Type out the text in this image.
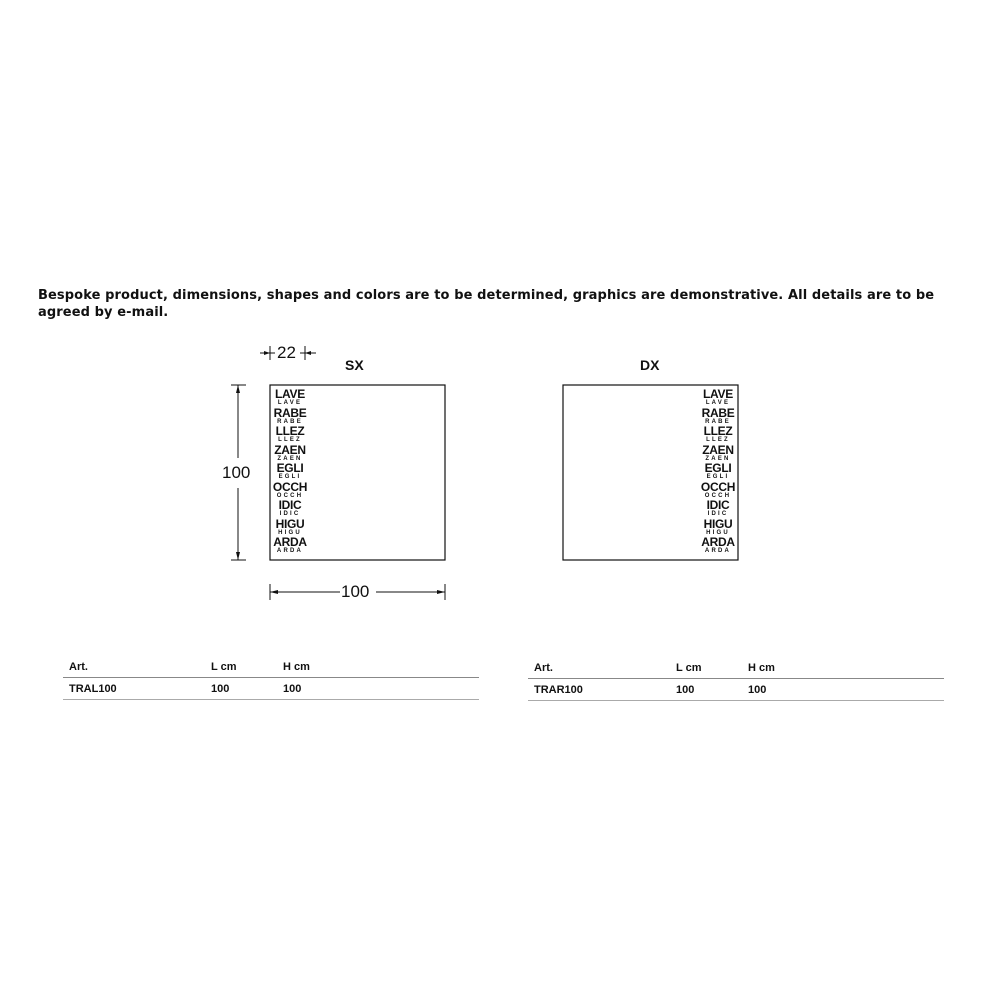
Bespoke product, dimensions, shapes and colors are to be determined, graphics are demonstrative. All details are to be agreed by e-mail.
22
100
100
SX	DX
LAVE
LAVE
RABE
RABE
LLEZ
LLEZ
ZAEN
ZAEN
EGLI
EGLI
OCCH
OCCH
IDIC
IDIC
HIGU
HIGU
ARDA
ARDA
LAVE
LAVE
RABE
RABE
LLEZ
LLEZ
ZAEN
ZAEN
EGLI
EGLI
OCCH
OCCH
IDIC
IDIC
HIGU
HIGU
ARDA
ARDA
Art.	L cm	H cm
TRAL100	100	100
Art.	L cm	H cm
TRAR100	100	100
